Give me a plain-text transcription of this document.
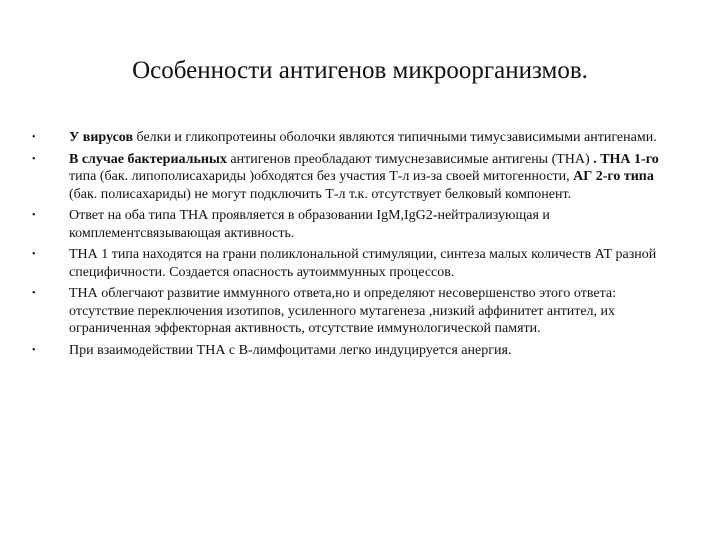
Особенности антигенов микроорганизмов.
• У вирусов белки и гликопротеины оболочки являются типичными тимусзависимыми антигенами.
• В случае бактериальных антигенов преобладают тимуснезависимые антигены (ТНА) . ТНА 1-го типа (бак. липополисахариды )обходятся без участия Т-л из-за своей митогенности, АГ 2-го типа (бак. полисахариды) не могут подключить Т-л т.к. отсутствует белковый компонент.
• Ответ на оба типа ТНА проявляется в образовании IgM,IgG2-нейтрализующая и комплементсвязывающая активность.
• ТНА 1 типа находятся на грани поликлональной стимуляции, синтеза малых количеств АТ разной специфичности. Создается опасность аутоиммунных процессов.
• ТНА облегчают развитие иммунного ответа,но и определяют несовершенство этого ответа: отсутствие переключения изотипов, усиленного мутагенеза ,низкий аффинитет антител, их ограниченная эффекторная активность, отсутствие иммунологической памяти.
• При взаимодействии ТНА с В-лимфоцитами легко индуцируется анергия.
